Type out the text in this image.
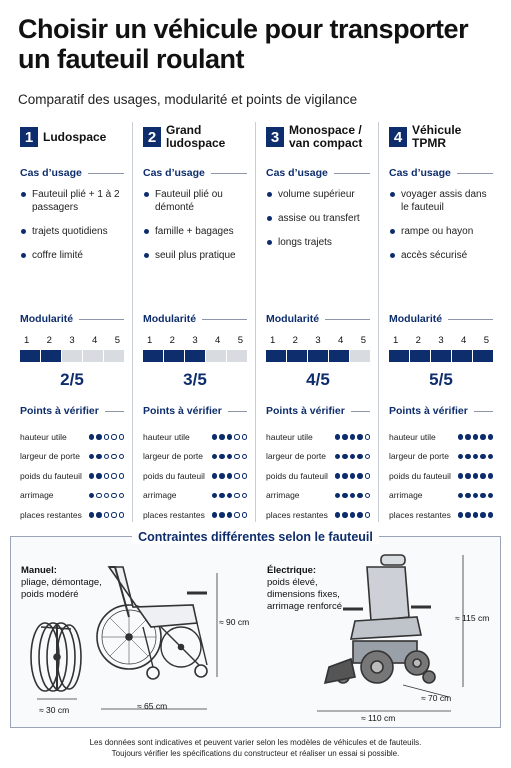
Choisir un véhicule pour transporter un fauteuil roulant

Comparatif des usages, modularité et points de vigilance

1 Ludospace
Cas d’usage
Fauteuil plié + 1 à 2 passagers
trajets quotidiens
coffre limité
Modularité
1 2 3 4 5
2/5
Points à vérifier
hauteur utile
largeur de porte
poids du fauteuil
arrimage
places restantes
2 Grand ludospace
Cas d’usage
Fauteuil plié ou démonté
famille + bagages
seuil plus pratique
Modularité
1 2 3 4 5
3/5
Points à vérifier
hauteur utile
largeur de porte
poids du fauteuil
arrimage
places restantes
3 Monospace / van compact
Cas d’usage
volume supérieur
assise ou transfert
longs trajets
Modularité
1 2 3 4 5
4/5
Points à vérifier
hauteur utile
largeur de porte
poids du fauteuil
arrimage
places restantes
4 Véhicule TPMR
Cas d’usage
voyager assis dans le fauteuil
rampe ou hayon
accès sécurisé
Modularité
1 2 3 4 5
5/5
Points à vérifier
hauteur utile
largeur de porte
poids du fauteuil
arrimage
places restantes
Contraintes différentes selon le fauteuil
Manuel:
pliage, démontage,
poids modéré
Électrique:
poids élevé,
dimensions fixes,
arrimage renforcé
≈ 30 cm	≈ 65 cm
≈ 90 cm	≈ 115 cm
≈ 70 cm
≈ 110 cm
Les données sont indicatives et peuvent varier selon les modèles de véhicules et de fauteuils.
Toujours vérifier les spécifications du constructeur et réaliser un essai si possible.
